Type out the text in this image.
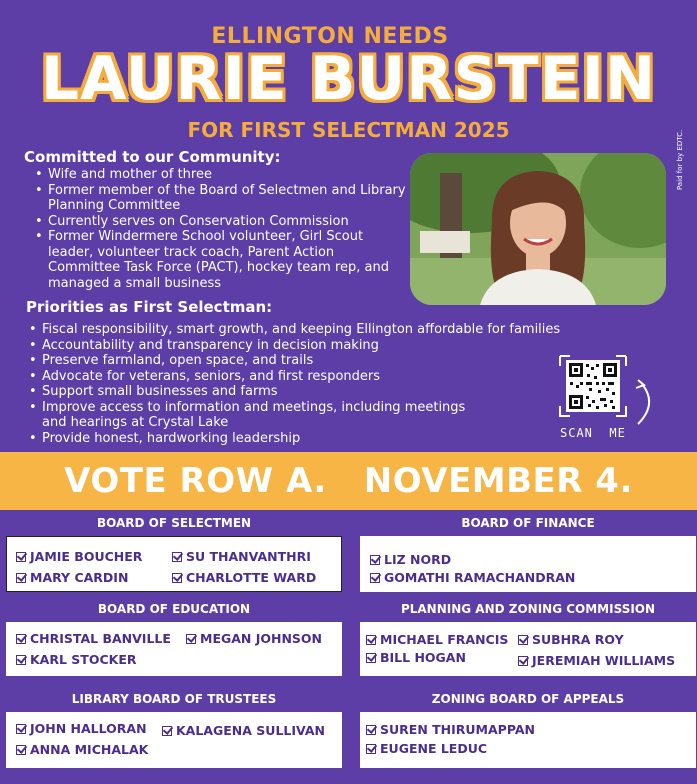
ELLINGTON NEEDS
LAURIE BURSTEIN
FOR FIRST SELECTMAN 2025	Paid for by EDTC.
Committed to our Community:
• Wife and mother of three
• Former member of the Board of Selectmen and Library Planning Committee
• Currently serves on Conservation Commission
• Former Windermere School volunteer, Girl Scout leader, volunteer track coach, Parent Action Committee Task Force (PACT), hockey team rep, and managed a small business
Priorities as First Selectman:
• Fiscal responsibility, smart growth, and keeping Ellington affordable for families
• Accountability and transparency in decision making
• Preserve farmland, open space, and trails
• Advocate for veterans, seniors, and first responders
• Support small businesses and farms
• Improve access to information and meetings, including meetings and hearings at Crystal Lake
• Provide honest, hardworking leadership	SCAN  ME
VOTE ROW A.   NOVEMBER 4.
BOARD OF SELECTMEN
JAMIE BOUCHER	SU THANVANTHRI
MARY CARDIN	CHARLOTTE WARD
BOARD OF FINANCE
LIZ NORD
GOMATHI RAMACHANDRAN
BOARD OF EDUCATION
CHRISTAL BANVILLE	MEGAN JOHNSON
KARL STOCKER
PLANNING AND ZONING COMMISSION
MICHAEL FRANCIS	SUBHRA ROY
BILL HOGAN	JEREMIAH WILLIAMS
LIBRARY BOARD OF TRUSTEES
JOHN HALLORAN	KALAGENA SULLIVAN
ANNA MICHALAK
ZONING BOARD OF APPEALS
SUREN THIRUMAPPAN
EUGENE LEDUC
